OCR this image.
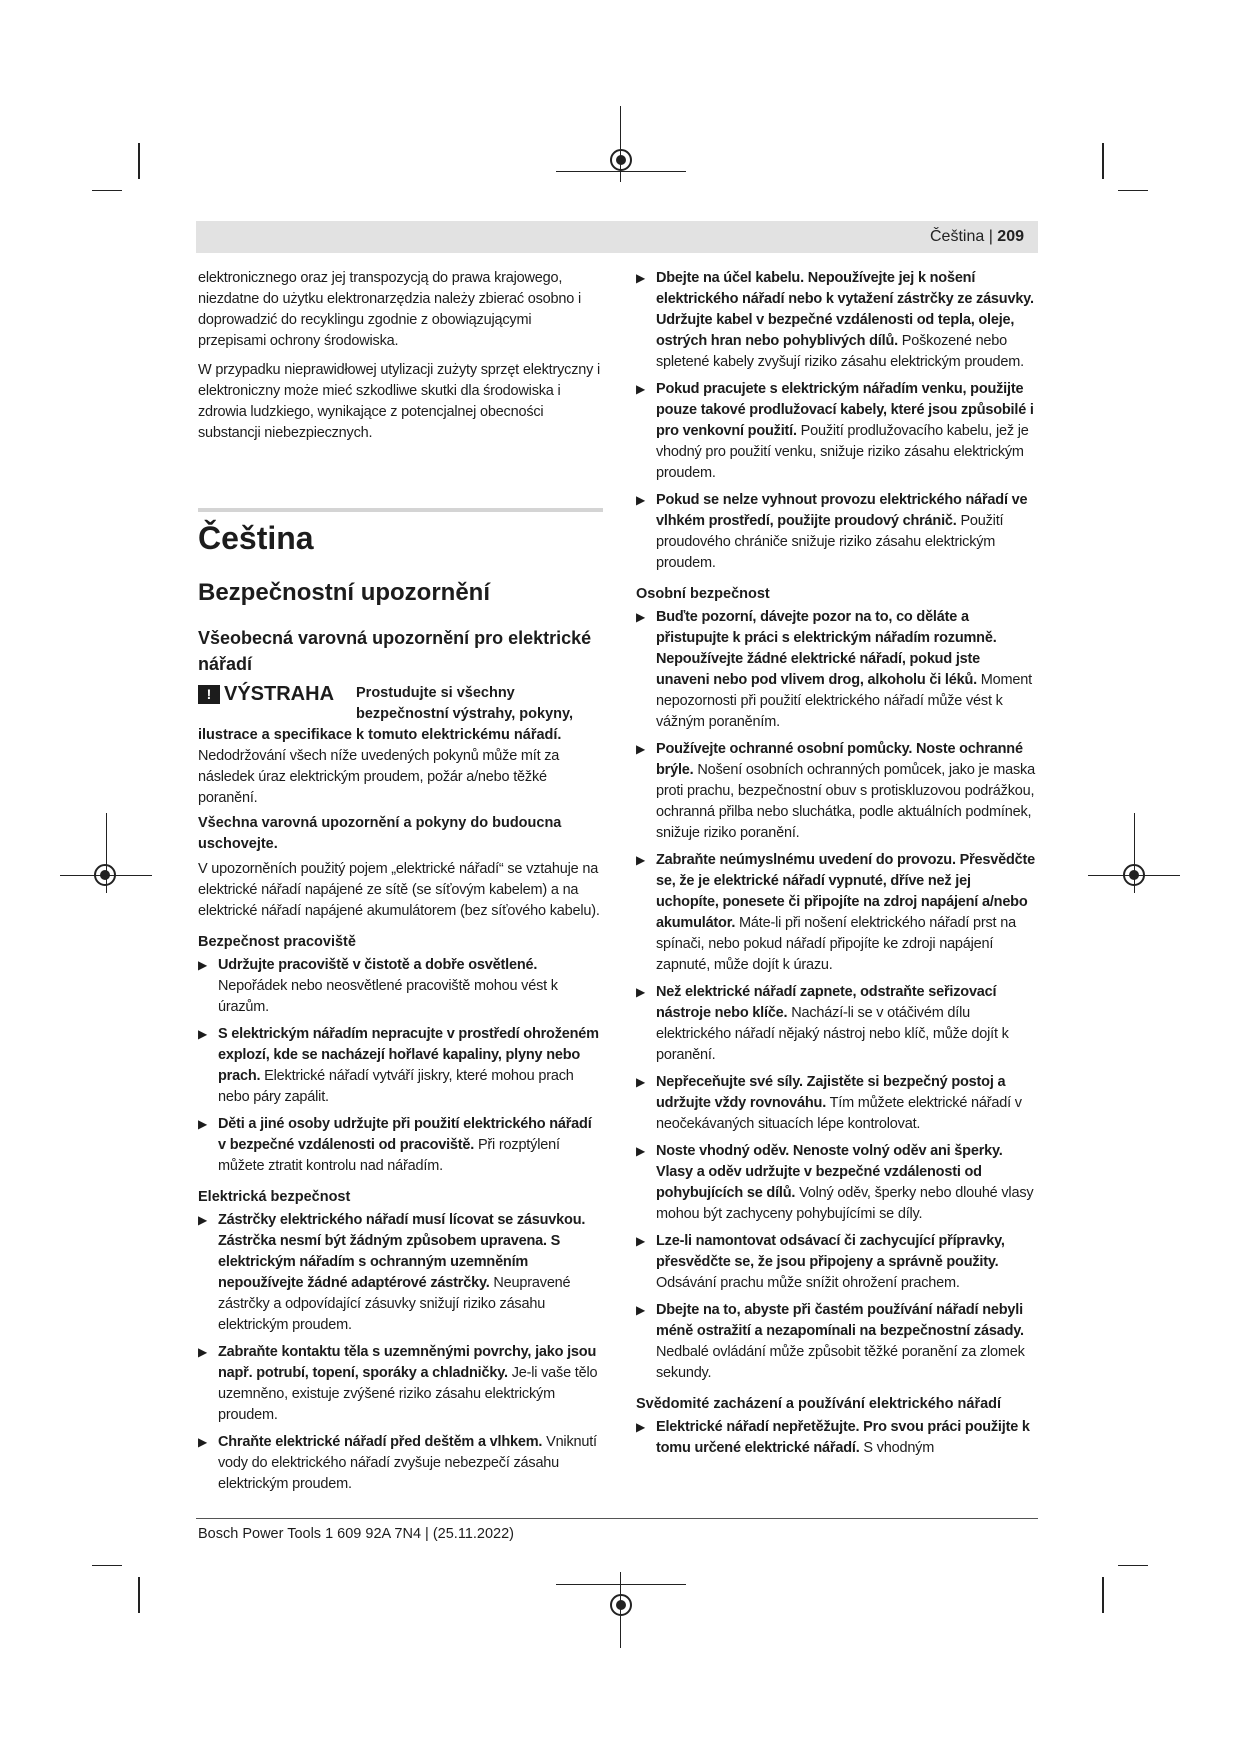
Čeština | 209

elektronicznego oraz jej transpozycją do prawa krajowego, niezdatne do użytku elektronarzędzia należy zbierać osobno i doprowadzić do recyklingu zgodnie z obowiązującymi przepisami ochrony środowiska.

W przypadku nieprawidłowej utylizacji zużyty sprzęt elektryczny i elektroniczny może mieć szkodliwe skutki dla środowiska i zdrowia ludzkiego, wynikające z potencjalnej obecności substancji niebezpiecznych.

Čeština

Bezpečnostní upozornění

Všeobecná varovná upozornění pro elektrické nářadí

! VÝSTRAHA Prostudujte si všechny bezpečnostní výstrahy, pokyny,

ilustrace a specifikace k tomuto elektrickému nářadí.

Nedodržování všech níže uvedených pokynů může mít za následek úraz elektrickým proudem, požár a/nebo těžké poranění.

Všechna varovná upozornění a pokyny do budoucna uschovejte.

V upozorněních použitý pojem „elektrické nářadí“ se vztahuje na elektrické nářadí napájené ze sítě (se síťovým kabelem) a na elektrické nářadí napájené akumulátorem (bez síťového kabelu).

Bezpečnost pracoviště

▶ Udržujte pracoviště v čistotě a dobře osvětlené. Nepořádek nebo neosvětlené pracoviště mohou vést k úrazům.
▶ S elektrickým nářadím nepracujte v prostředí ohroženém explozí, kde se nacházejí hořlavé kapaliny, plyny nebo prach. Elektrické nářadí vytváří jiskry, které mohou prach nebo páry zapálit.
▶ Děti a jiné osoby udržujte při použití elektrického nářadí v bezpečné vzdálenosti od pracoviště. Při rozptýlení můžete ztratit kontrolu nad nářadím.

Elektrická bezpečnost

▶ Zástrčky elektrického nářadí musí lícovat se zásuvkou. Zástrčka nesmí být žádným způsobem upravena. S elektrickým nářadím s ochranným uzemněním nepoužívejte žádné adaptérové zástrčky. Neupravené zástrčky a odpovídající zásuvky snižují riziko zásahu elektrickým proudem.
▶ Zabraňte kontaktu těla s uzemněnými povrchy, jako jsou např. potrubí, topení, sporáky a chladničky. Je-li vaše tělo uzemněno, existuje zvýšené riziko zásahu elektrickým proudem.
▶ Chraňte elektrické nářadí před deštěm a vlhkem. Vniknutí vody do elektrického nářadí zvyšuje nebezpečí zásahu elektrickým proudem.
▶ Dbejte na účel kabelu. Nepoužívejte jej k nošení elektrického nářadí nebo k vytažení zástrčky ze zásuvky. Udržujte kabel v bezpečné vzdálenosti od tepla, oleje, ostrých hran nebo pohyblivých dílů. Poškozené nebo spletené kabely zvyšují riziko zásahu elektrickým proudem.
▶ Pokud pracujete s elektrickým nářadím venku, použijte pouze takové prodlužovací kabely, které jsou způsobilé i pro venkovní použití. Použití prodlužovacího kabelu, jež je vhodný pro použití venku, snižuje riziko zásahu elektrickým proudem.
▶ Pokud se nelze vyhnout provozu elektrického nářadí ve vlhkém prostředí, použijte proudový chránič. Použití proudového chrániče snižuje riziko zásahu elektrickým proudem.

Osobní bezpečnost

▶ Buďte pozorní, dávejte pozor na to, co děláte a přistupujte k práci s elektrickým nářadím rozumně. Nepoužívejte žádné elektrické nářadí, pokud jste unaveni nebo pod vlivem drog, alkoholu či léků. Moment nepozornosti při použití elektrického nářadí může vést k vážným poraněním.
▶ Používejte ochranné osobní pomůcky. Noste ochranné brýle. Nošení osobních ochranných pomůcek, jako je maska proti prachu, bezpečnostní obuv s protiskluzovou podrážkou, ochranná přilba nebo sluchátka, podle aktuálních podmínek, snižuje riziko poranění.
▶ Zabraňte neúmyslnému uvedení do provozu. Přesvědčte se, že je elektrické nářadí vypnuté, dříve než jej uchopíte, ponesete či připojíte na zdroj napájení a/nebo akumulátor. Máte-li při nošení elektrického nářadí prst na spínači, nebo pokud nářadí připojíte ke zdroji napájení zapnuté, může dojít k úrazu.
▶ Než elektrické nářadí zapnete, odstraňte seřizovací nástroje nebo klíče. Nachází-li se v otáčivém dílu elektrického nářadí nějaký nástroj nebo klíč, může dojít k poranění.
▶ Nepřeceňujte své síly. Zajistěte si bezpečný postoj a udržujte vždy rovnováhu. Tím můžete elektrické nářadí v neočekávaných situacích lépe kontrolovat.
▶ Noste vhodný oděv. Nenoste volný oděv ani šperky. Vlasy a oděv udržujte v bezpečné vzdálenosti od pohybujících se dílů. Volný oděv, šperky nebo dlouhé vlasy mohou být zachyceny pohybujícími se díly.
▶ Lze-li namontovat odsávací či zachycující přípravky, přesvědčte se, že jsou připojeny a správně použity. Odsávání prachu může snížit ohrožení prachem.
▶ Dbejte na to, abyste při častém používání nářadí nebyli méně ostražití a nezapomínali na bezpečnostní zásady. Nedbalé ovládání může způsobit těžké poranění za zlomek sekundy.

Svědomité zacházení a používání elektrického nářadí

▶ Elektrické nářadí nepřetěžujte. Pro svou práci použijte k tomu určené elektrické nářadí. S vhodným
Bosch Power Tools 1 609 92A 7N4 | (25.11.2022)
